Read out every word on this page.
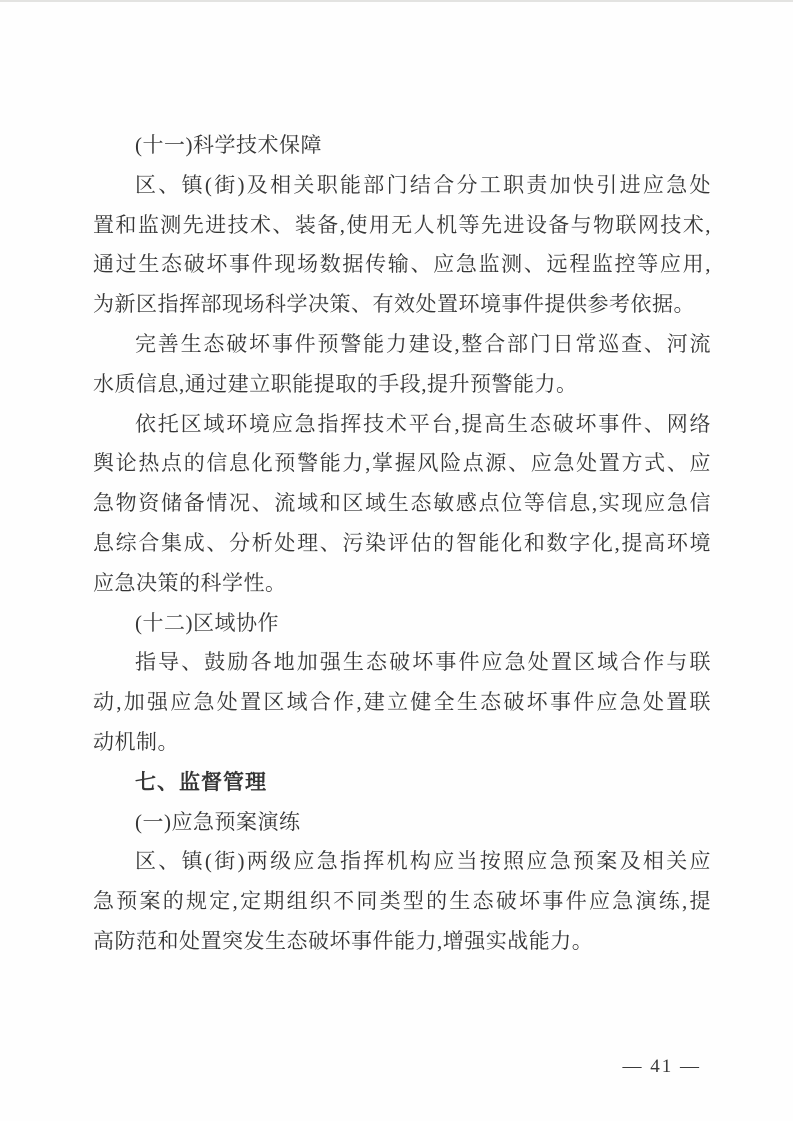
(十一)科学技术保障
区、镇(街)及相关职能部门结合分工职责加快引进应急处
置和监测先进技术、装备,使用无人机等先进设备与物联网技术,
通过生态破坏事件现场数据传输、应急监测、远程监控等应用,
为新区指挥部现场科学决策、有效处置环境事件提供参考依据。
完善生态破坏事件预警能力建设,整合部门日常巡查、河流
水质信息,通过建立职能提取的手段,提升预警能力。
依托区域环境应急指挥技术平台,提高生态破坏事件、网络
舆论热点的信息化预警能力,掌握风险点源、应急处置方式、应
急物资储备情况、流域和区域生态敏感点位等信息,实现应急信
息综合集成、分析处理、污染评估的智能化和数字化,提高环境
应急决策的科学性。
(十二)区域协作
指导、鼓励各地加强生态破坏事件应急处置区域合作与联
动,加强应急处置区域合作,建立健全生态破坏事件应急处置联
动机制。
七、监督管理
(一)应急预案演练
区、镇(街)两级应急指挥机构应当按照应急预案及相关应
急预案的规定,定期组织不同类型的生态破坏事件应急演练,提
高防范和处置突发生态破坏事件能力,增强实战能力。
— 41 —
